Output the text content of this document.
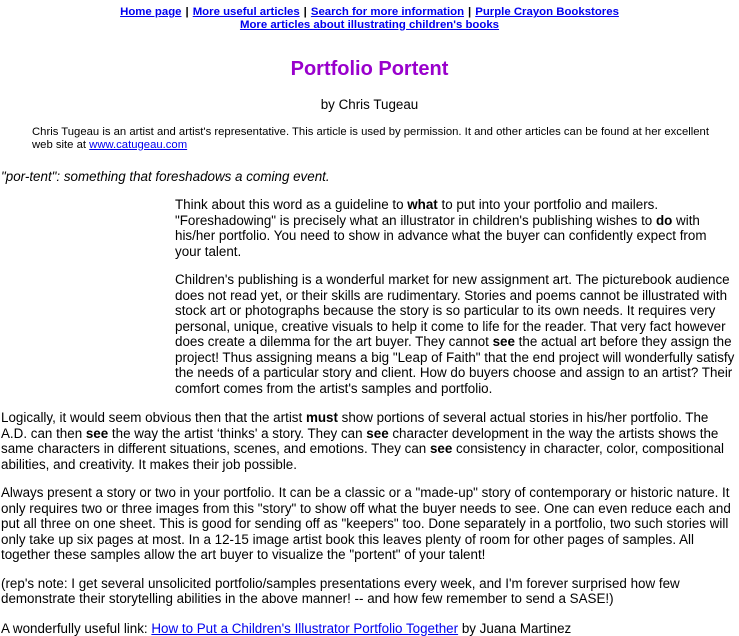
Home page | More useful articles | Search for more information | Purple Crayon Bookstores
More articles about illustrating children's books
Portfolio Portent
by Chris Tugeau
Chris Tugeau is an artist and artist's representative. This article is used by permission. It and other articles can be found at her excellent web site at www.catugeau.com
"por-tent": something that foreshadows a coming event.

Think about this word as a guideline to what to put into your portfolio and mailers. "Foreshadowing" is precisely what an illustrator in children's publishing wishes to do with his/her portfolio. You need to show in advance what the buyer can confidently expect from your talent.

Children's publishing is a wonderful market for new assignment art. The picturebook audience does not read yet, or their skills are rudimentary. Stories and poems cannot be illustrated with stock art or photographs because the story is so particular to its own needs. It requires very personal, unique, creative visuals to help it come to life for the reader. That very fact however does create a dilemma for the art buyer. They cannot see the actual art before they assign the project! Thus assigning means a big "Leap of Faith" that the end project will wonderfully satisfy the needs of a particular story and client. How do buyers choose and assign to an artist? Their comfort comes from the artist's samples and portfolio.

Logically, it would seem obvious then that the artist must show portions of several actual stories in his/her portfolio. The A.D. can then see the way the artist ‘thinks' a story. They can see character development in the way the artists shows the same characters in different situations, scenes, and emotions. They can see consistency in character, color, compositional abilities, and creativity. It makes their job possible.

Always present a story or two in your portfolio. It can be a classic or a "made-up" story of contemporary or historic nature. It only requires two or three images from this "story" to show off what the buyer needs to see. One can even reduce each and put all three on one sheet. This is good for sending off as "keepers" too. Done separately in a portfolio, two such stories will only take up six pages at most. In a 12-15 image artist book this leaves plenty of room for other pages of samples. All together these samples allow the art buyer to visualize the "portent" of your talent!

(rep's note: I get several unsolicited portfolio/samples presentations every week, and I'm forever surprised how few demonstrate their storytelling abilities in the above manner! -- and how few remember to send a SASE!)

A wonderfully useful link: How to Put a Children's Illustrator Portfolio Together by Juana Martinez
